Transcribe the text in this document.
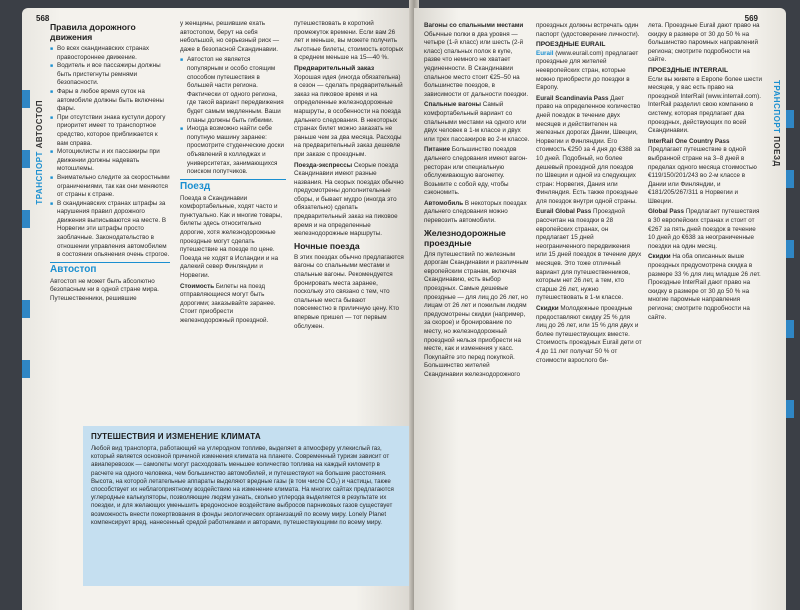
568
ТРАНСПОРТ АВТОСТОП
Правила дорожного движения
■ Во всех скандинавских странах правостороннее движение.
■ Водитель и все пассажиры должны быть пристегнуты ремнями безопасности.
■ Фары в любое время суток на автомобиле должны быть включены фары.
■ При отсутствии знака кустули дорогу приоритет имеет то транспортное средство, которое приближается к вам справа.
■ Мотоциклисты и их пассажиры при движении должны надевать мотошлемы.
■ Внимательно следите за скоростными ограничениями, так как они меняются от страны к стране.
■ В скандинавских странах штрафы за нарушения правил дорожного движения выписываются на месте. В Норвегии эти штрафы просто заоблачные. Законодательство в отношении управления автомобилем в состоянии опьянения очень строгое.
Автостоп

Автостоп не может быть абсолютно безопасным ни в одной стране мира. Путешественники, решившие

у женщины, решившие ехать автостопом, берут на себя небольшой, но серьезный риск — даже в безопасной Скандинавии.

■ Автостоп не является популярным и особо стоящим способом путешествия в большей части региона. Фактически от одного региона, где такой вариант передвижения будет самым медленным. Ваши планы должны быть гибкими.
■ Иногда возможно найти себе попутную машину заранее: просмотрите студенческие доски объявлений в колледжах и университетах, занимающихся поиском попутчиков.
Поезд

Поезда в Скандинавии комфортабельные, ходят часто и пунктуально. Как и многие товары, билеты здесь относительно дорогие, хотя железнодорожные проездные могут сделать путешествие на поезде по цене. Поезда не ходят в Исландии и на далекий север Финляндии и Норвегии.

Стоимость Билеты на поезд отправляющиеся могут быть дорогими; заказывайте заранее. Стоит приобрести железнодорожный проездной.

путешествовать в короткий промежуток времени. Если вам 26 лет и меньше, вы можете получить льготные билеты, стоимость которых в среднем меньше на 15—40 %.

Предварительный заказ

Хорошая идея (иногда обязательна) в сезон — сделать предварительный заказ на пиковое время и на определенные железнодорожные маршруты, в особенности на поезда дальнего следования. В некоторых странах билет можно заказать не раньше чем за два месяца. Расходы на предварительный заказ дешевле при заказе с проездным.

Поезда-экспрессы Скорые поезда Скандинавии имеют разные названия. На скорых поездах обычно предусмотрены дополнительные сборы, и бывает мудро (иногда это обязательно) сделать предварительный заказ на пиковое время и на определенные железнодорожные маршруты.

Ночные поезда

В этих поездах обычно предлагаются вагоны со спальными местами и спальные вагоны. Рекомендуется бронировать места заранее, поскольку это связано с тем, что спальные места бывают повсеместно в приличную цену. Кто впервые пришел — тот первым обслужен.

ПУТЕШЕСТВИЯ И ИЗМЕНЕНИЕ КЛИМАТА
Любой вид транспорта, работающий на углеродном топливе, выделяет в атмосферу углекислый газ, который является основной причиной изменения климата на планете. Современный туризм зависит от авиаперевозок — самолеты могут расходовать меньшее количество топлива на каждый километр в расчете на одного человека, чем большинство автомобилей, и путешествуют на большие расстояния. Высота, на которой летательные аппараты выделяют вредные газы (в том числе CO₂) и частицы, также способствует их неблагоприятному воздействию на изменение климата. На многих сайтах предлагаются углеродные калькуляторы, позволяющие людям узнать, сколько углерода выделяется в результате их поездки, и для желающих уменьшить вредоносное воздействие выбросов парниковых газов существует возможность внести пожертвования в фонды экологических организаций по всему миру. Lonely Planet компенсирует вред, нанесенный средой работниками и авторами, путешествующими по всему миру.
569
ТРАНСПОРТ ПОЕЗД

Вагоны со спальными местами Обычные полки в два уровня — четыре (1-й класс) или шесть (2-й класс) спальных полок в купе, разве что немного не хватает уединенности. В Скандинавии спальное место стоит €25–50 на большинстве поездов, в зависимости от дальности поездки.

Спальные вагоны Самый комфортабельный вариант со спальными местами на одного или двух человек в 1-м классе и двух или трех пассажиров во 2-м классе.

Питание Большинство поездов дальнего следования имеют вагон-ресторан или специальную обслуживающую вагонетку. Возьмите с собой еду, чтобы сэкономить.

Автомобиль В некоторых поездах дальнего следования можно перевозить автомобили.

Железнодорожные проездные

Для путешествий по железным дорогам Скандинавии и различным европейским странам, включая Скандинавию, есть выбор проездных. Самые дешевые проездные — для лиц до 26 лет, но лицам от 26 лет и пожилым людям предусмотрены скидки (например, за скорое) и бронирование по месту, но железнодорожный проездной нельзя приобрести на месте, как и изменения у касс. Покупайте это перед покупкой. Большинство жителей Скандинавии железнодорожного

проездных должны встречать один паспорт (удостоверение личности).

ПРОЕЗДНЫЕ EURAIL

Eurail (www.eurail.com) предлагает проездные для жителей неевропейских стран, которые можно приобрести до поездки в Европу.

Eurail Scandinavia Pass Дает право на определенное количество дней поездок в течение двух месяцев и действителен на железных дорогах Дании, Швеции, Норвегии и Финляндии. Его стоимость €250 за 4 дня до €388 за 10 дней. Подобный, но более дешевый проездной для поездов по Швеции и одной из следующих стран: Норвегия, Дания или Финляндия. Есть также проездные для поездок внутри одной страны.

Eurail Global Pass Проездной рассчитан на поездки в 28 европейских странах, он предлагает 15 дней неограниченного передвижения или 15 дней поездок в течение двух месяцев. Это тоже отличный вариант для путешественников, которым нет 26 лет, а тем, кто старше 26 лет, нужно путешествовать в 1-м классе.

Скидки Молодежные проездные предоставляют скидку 25 % для лиц до 26 лет, или 15 % для двух и более путешествующих вместе. Стоимость проездных Eurail дети от 4 до 11 лет получат 50 % от стоимости взрослого би-

лета. Проездные Eurail дают право на скидку в размере от 30 до 50 % на большинство паромных направлений региона; смотрите подробности на сайте.

ПРОЕЗДНЫЕ INTERRAIL

Если вы живете в Европе более шести месяцев, у вас есть право на проездной InterRail (www.interrail.com). InterRail разделил свою компанию в систему, которая предлагает два проездных, действующих по всей Скандинавии.

InterRail One Country Pass Предлагает путешествие в одной выбранной стране на 3–8 дней в пределах одного месяца стоимостью €119/150/201/243 во 2-м классе в Дании или Финляндии, и €181/205/267/311 в Норвегии и Швеции.

Global Pass Предлагает путешествия в 30 европейских странах и стоит от €267 за пять дней поездок в течение 10 дней до €638 за неограниченные поездки на один месяц.

Скидки На оба описанных выше проездных предусмотрена скидка в размере 33 % для лиц младше 26 лет. Проездные InterRail дают право на скидку в размере от 30 до 50 % на многие паромные направления региона; смотрите подробности на сайте.
